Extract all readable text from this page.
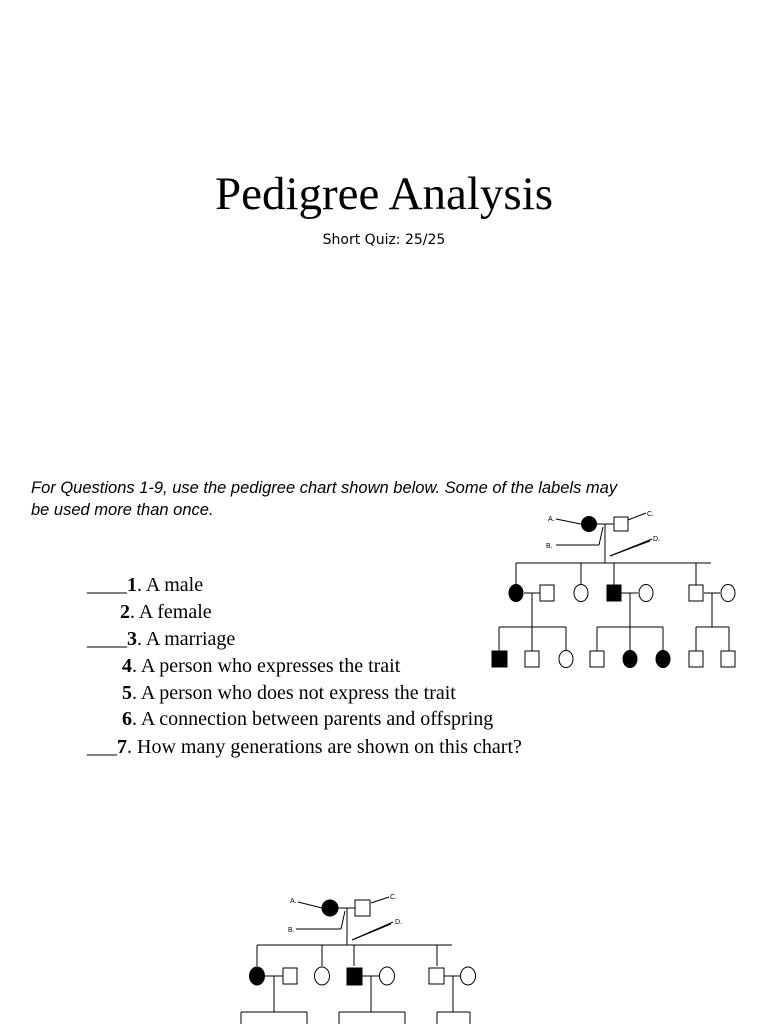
Pedigree Analysis
Short Quiz: 25/25
For Questions 1-9, use the pedigree chart shown below. Some of the labels may be used more than once.
____1. A male
2. A female
____3. A marriage
4. A person who expresses the trait
5. A person who does not express the trait
6. A connection between parents and offspring
___7. How many generations are shown on this chart?
A.
B.
C.
D.
A.
B.
C.
D.
